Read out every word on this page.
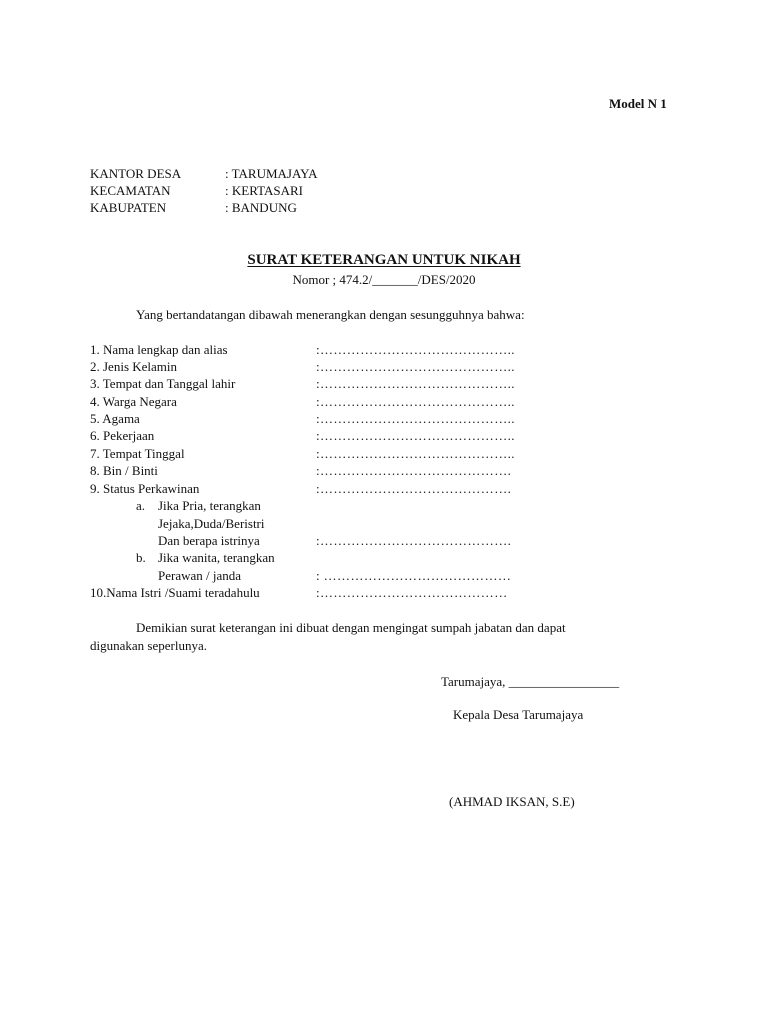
Model N 1
KANTOR DESA	: TARUMAJAYA
KECAMATAN	: KERTASARI
KABUPATEN	: BANDUNG
SURAT KETERANGAN UNTUK NIKAH
Nomor ; 474.2/_______/DES/2020
Yang bertandatangan dibawah menerangkan dengan sesungguhnya bahwa:
1. Nama lengkap dan alias	:……………………………………..
2. Jenis Kelamin	:……………………………………..
3. Tempat dan Tanggal lahir	:……………………………………..
4. Warga Negara	:……………………………………..
5. Agama	:……………………………………..
6. Pekerjaan	:……………………………………..
7. Tempat Tinggal	:……………………………………..
8. Bin / Binti	:…………………………………….
9. Status Perkawinan	:…………………………………….
a. Jika Pria, terangkan
Jejaka,Duda/Beristri
Dan berapa istrinya	:…………………………………….
b. Jika wanita, terangkan
Perawan / janda	: ……………………………………
10.Nama Istri /Suami teradahulu	:……………………………………
Demikian surat keterangan ini dibuat dengan mengingat sumpah jabatan dan dapat
digunakan seperlunya.
Tarumajaya, _________________
Kepala Desa Tarumajaya
(AHMAD IKSAN, S.E)
